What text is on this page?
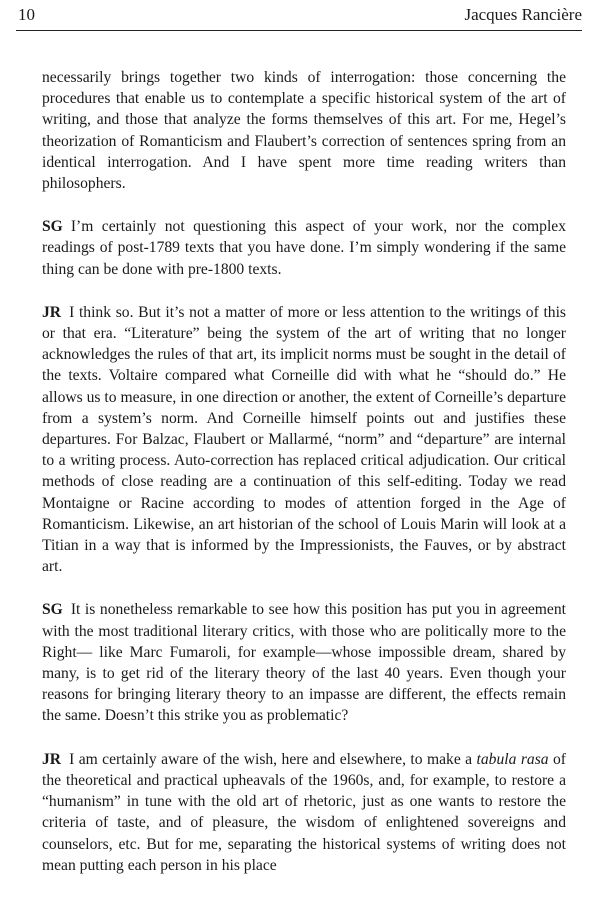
10	Jacques Rancière

necessarily brings together two kinds of interrogation: those concerning the procedures that enable us to contemplate a specific historical system of the art of writing, and those that analyze the forms themselves of this art. For me, Hegel’s theorization of Romanticism and Flaubert’s correction of sentences spring from an identical interrogation. And I have spent more time reading writers than philosophers.

SG I’m certainly not questioning this aspect of your work, nor the complex readings of post-1789 texts that you have done. I’m simply wondering if the same thing can be done with pre-1800 texts.

JR I think so. But it’s not a matter of more or less attention to the writings of this or that era. “Literature” being the system of the art of writing that no longer acknowledges the rules of that art, its implicit norms must be sought in the detail of the texts. Voltaire compared what Corneille did with what he “should do.” He allows us to measure, in one direction or another, the extent of Corneille’s departure from a system’s norm. And Corneille himself points out and justifies these departures. For Balzac, Flaubert or Mallarmé, “norm” and “departure” are internal to a writing process. Auto-correction has replaced critical adjudication. Our critical methods of close reading are a continuation of this self-editing. Today we read Montaigne or Racine according to modes of attention forged in the Age of Romanticism. Likewise, an art historian of the school of Louis Marin will look at a Titian in a way that is informed by the Impressionists, the Fauves, or by abstract art.

SG It is nonetheless remarkable to see how this position has put you in agreement with the most traditional literary critics, with those who are politically more to the Right— like Marc Fumaroli, for example—whose impossible dream, shared by many, is to get rid of the literary theory of the last 40 years. Even though your reasons for bringing literary theory to an impasse are different, the effects remain the same. Doesn’t this strike you as problematic?

JR I am certainly aware of the wish, here and elsewhere, to make a tabula rasa of the theoretical and practical upheavals of the 1960s, and, for example, to restore a “humanism” in tune with the old art of rhetoric, just as one wants to restore the criteria of taste, and of pleasure, the wisdom of enlightened sovereigns and counselors, etc. But for me, separating the historical systems of writing does not mean putting each person in his place
